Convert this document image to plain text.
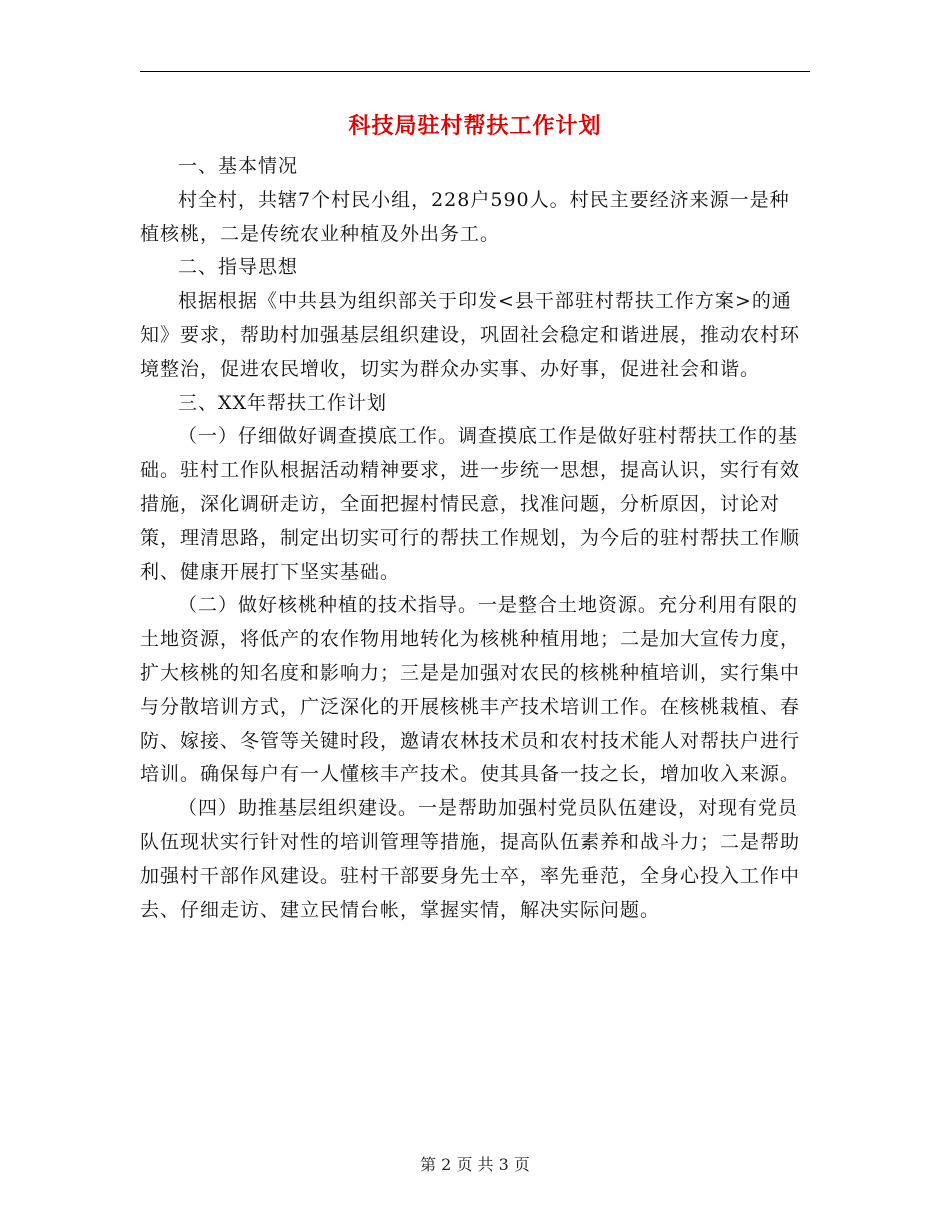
科技局驻村帮扶工作计划

一、基本情况

村全村，共辖7个村民小组，228户590人。村民主要经济来源一是种植核桃，二是传统农业种植及外出务工。

二、指导思想

根据根据《中共县为组织部关于印发<县干部驻村帮扶工作方案>的通知》要求，帮助村加强基层组织建设，巩固社会稳定和谐进展，推动农村环境整治，促进农民增收，切实为群众办实事、办好事，促进社会和谐。

三、XX年帮扶工作计划

（一）仔细做好调查摸底工作。调查摸底工作是做好驻村帮扶工作的基础。驻村工作队根据活动精神要求，进一步统一思想，提高认识，实行有效措施，深化调研走访，全面把握村情民意，找准问题，分析原因，讨论对策，理清思路，制定出切实可行的帮扶工作规划，为今后的驻村帮扶工作顺利、健康开展打下坚实基础。

（二）做好核桃种植的技术指导。一是整合土地资源。充分利用有限的土地资源，将低产的农作物用地转化为核桃种植用地；二是加大宣传力度，扩大核桃的知名度和影响力；三是是加强对农民的核桃种植培训，实行集中与分散培训方式，广泛深化的开展核桃丰产技术培训工作。在核桃栽植、春防、嫁接、冬管等关键时段，邀请农林技术员和农村技术能人对帮扶户进行培训。确保每户有一人懂核丰产技术。使其具备一技之长，增加收入来源。

（四）助推基层组织建设。一是帮助加强村党员队伍建设，对现有党员队伍现状实行针对性的培训管理等措施，提高队伍素养和战斗力；二是帮助加强村干部作风建设。驻村干部要身先士卒，率先垂范，全身心投入工作中去、仔细走访、建立民情台帐，掌握实情，解决实际问题。

第 2 页 共 3 页
